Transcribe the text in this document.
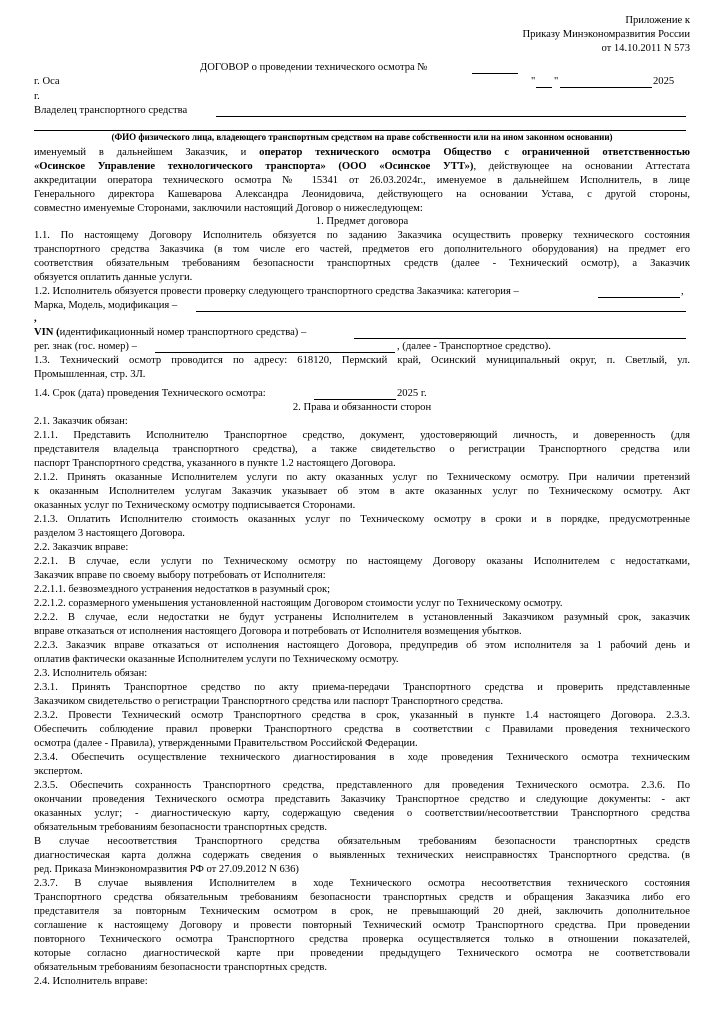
Приложение к
Приказу Минэкономразвития России
от 14.10.2011 N 573
ДОГОВОР о проведении технического осмотра №
г. Оса	" "	2025
г.
Владелец транспортного средства
(ФИО физического лица, владеющего транспортным средством на праве собственности или на ином законном основании)
именуемый в дальнейшем Заказчик, и оператор технического осмотра Общество с ограниченной ответственностью
«Осинское Управление технологического транспорта» (ООО «Осинское УТТ»), действующее на основании Аттестата
аккредитации оператора технического осмотра № 15341 от 26.03.2024г., именуемое в дальнейшем Исполнитель, в лице
Генерального директора Кашеварова Александра Леонидовича, действующего на основании Устава, с другой стороны,
совместно именуемые Сторонами, заключили настоящий Договор о нижеследующем:
1. Предмет договора
1.1. По настоящему Договору Исполнитель обязуется по заданию Заказчика осуществить проверку технического состояния
транспортного средства Заказчика (в том числе его частей, предметов его дополнительного оборудования) на предмет его
соответствия обязательным требованиям безопасности транспортных средств (далее - Технический осмотр), а Заказчик
обязуется оплатить данные услуги.
1.2. Исполнитель обязуется провести проверку следующего транспортного средства Заказчика: категория –	,
Марка, Модель, модификация –
,
VIN (идентификационный номер транспортного средства) –
рег. знак (гос. номер) –	, (далее - Транспортное средство).
1.3. Технический осмотр проводится по адресу: 618120, Пермский край, Осинский муниципальный округ, п. Светлый, ул.
Промышленная, стр. 3Л.
1.4. Срок (дата) проведения Технического осмотра:	2025 г.
2. Права и обязанности сторон
2.1. Заказчик обязан:
2.1.1. Представить Исполнителю Транспортное средство, документ, удостоверяющий личность, и доверенность (для
представителя владельца транспортного средства), а также свидетельство о регистрации Транспортного средства или
паспорт Транспортного средства, указанного в пункте 1.2 настоящего Договора.
2.1.2. Принять оказанные Исполнителем услуги по акту оказанных услуг по Техническому осмотру. При наличии претензий
к оказанным Исполнителем услугам Заказчик указывает об этом в акте оказанных услуг по Техническому осмотру. Акт
оказанных услуг по Техническому осмотру подписывается Сторонами.
2.1.3. Оплатить Исполнителю стоимость оказанных услуг по Техническому осмотру в сроки и в порядке, предусмотренные
разделом 3 настоящего Договора.
2.2. Заказчик вправе:
2.2.1. В случае, если услуги по Техническому осмотру по настоящему Договору оказаны Исполнителем с недостатками,
Заказчик вправе по своему выбору потребовать от Исполнителя:
2.2.1.1. безвозмездного устранения недостатков в разумный срок;
2.2.1.2. соразмерного уменьшения установленной настоящим Договором стоимости услуг по Техническому осмотру.
2.2.2. В случае, если недостатки не будут устранены Исполнителем в установленный Заказчиком разумный срок, заказчик
вправе отказаться от исполнения настоящего Договора и потребовать от Исполнителя возмещения убытков.
2.2.3. Заказчик вправе отказаться от исполнения настоящего Договора, предупредив об этом исполнителя за 1 рабочий день и
оплатив фактически оказанные Исполнителем услуги по Техническому осмотру.
2.3. Исполнитель обязан:
2.3.1. Принять Транспортное средство по акту приема-передачи Транспортного средства и проверить представленные
Заказчиком свидетельство о регистрации Транспортного средства или паспорт Транспортного средства.
2.3.2. Провести Технический осмотр Транспортного средства в срок, указанный в пункте 1.4 настоящего Договора. 2.3.3.
Обеспечить соблюдение правил проверки Транспортного средства в соответствии с Правилами проведения технического
осмотра (далее - Правила), утвержденными Правительством Российской Федерации.
2.3.4. Обеспечить осуществление технического диагностирования в ходе проведения Технического осмотра техническим
экспертом.
2.3.5. Обеспечить сохранность Транспортного средства, представленного для проведения Технического осмотра. 2.3.6. По
окончании проведения Технического осмотра представить Заказчику Транспортное средство и следующие документы: - акт
оказанных услуг; - диагностическую карту, содержащую сведения о соответствии/несоответствии Транспортного средства
обязательным требованиям безопасности транспортных средств.
В случае несоответствия Транспортного средства обязательным требованиям безопасности транспортных средств
диагностическая карта должна содержать сведения о выявленных технических неисправностях Транспортного средства. (в
ред. Приказа Минэкономразвития РФ от 27.09.2012 N 636)
2.3.7. В случае выявления Исполнителем в ходе Технического осмотра несоответствия технического состояния
Транспортного средства обязательным требованиям безопасности транспортных средств и обращения Заказчика либо его
представителя за повторным Техническим осмотром в срок, не превышающий 20 дней, заключить дополнительное
соглашение к настоящему Договору и провести повторный Технический осмотр Транспортного средства. При проведении
повторного Технического осмотра Транспортного средства проверка осуществляется только в отношении показателей,
которые согласно диагностической карте при проведении предыдущего Технического осмотра не соответствовали
обязательным требованиям безопасности транспортных средств.
2.4. Исполнитель вправе:
